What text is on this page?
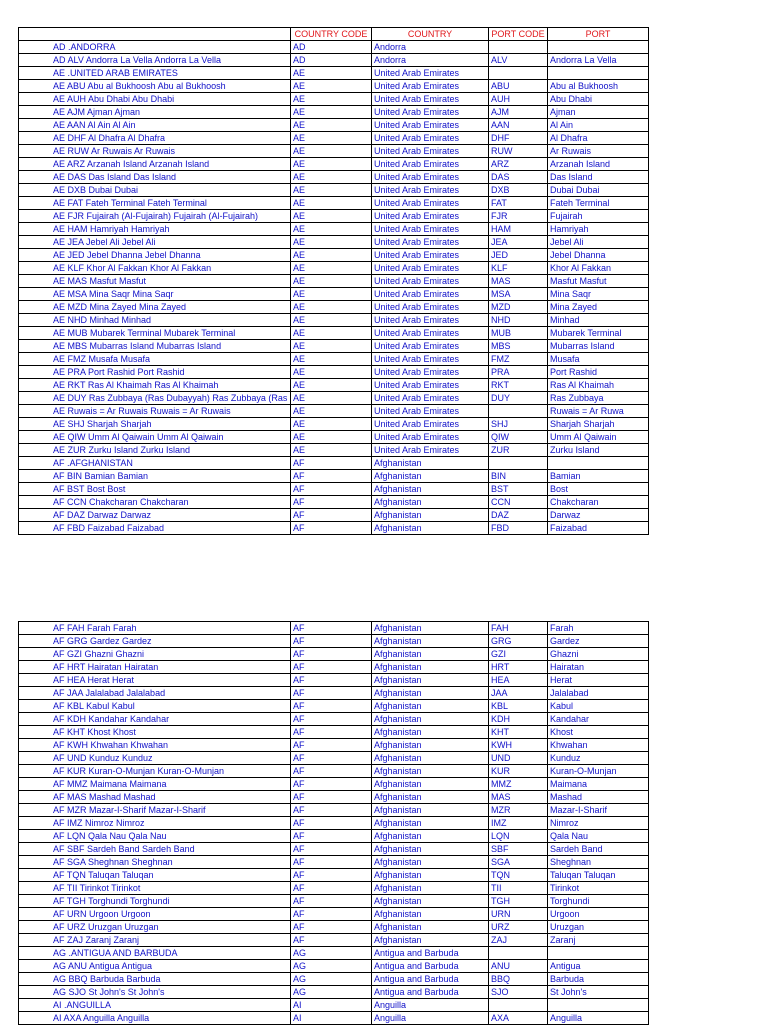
	COUNTRY CODE	COUNTRY	PORT CODE	PORT
AD .ANDORRA	AD	Andorra		
AD ALV Andorra La Vella Andorra La Vella	AD	Andorra	ALV	Andorra La Vella
AE .UNITED ARAB EMIRATES	AE	United Arab Emirates		
AE ABU Abu al Bukhoosh Abu al Bukhoosh	AE	United Arab Emirates	ABU	Abu al Bukhoosh
AE AUH Abu Dhabi Abu Dhabi	AE	United Arab Emirates	AUH	Abu Dhabi
AE AJM Ajman Ajman	AE	United Arab Emirates	AJM	Ajman
AE AAN Al Ain Al Ain	AE	United Arab Emirates	AAN	Al Ain
AE DHF Al Dhafra Al Dhafra	AE	United Arab Emirates	DHF	Al Dhafra
AE RUW Ar Ruwais Ar Ruwais	AE	United Arab Emirates	RUW	Ar Ruwais
AE ARZ Arzanah Island Arzanah Island	AE	United Arab Emirates	ARZ	Arzanah Island
AE DAS Das Island Das Island	AE	United Arab Emirates	DAS	Das Island
AE DXB Dubai Dubai	AE	United Arab Emirates	DXB	Dubai Dubai
AE FAT Fateh Terminal Fateh Terminal	AE	United Arab Emirates	FAT	Fateh Terminal
AE FJR Fujairah (Al-Fujairah) Fujairah (Al-Fujairah)	AE	United Arab Emirates	FJR	Fujairah
AE HAM Hamriyah Hamriyah	AE	United Arab Emirates	HAM	Hamriyah
AE JEA Jebel Ali Jebel Ali	AE	United Arab Emirates	JEA	Jebel Ali
AE JED Jebel Dhanna Jebel Dhanna	AE	United Arab Emirates	JED	Jebel Dhanna
AE KLF Khor Al Fakkan Khor Al Fakkan	AE	United Arab Emirates	KLF	Khor Al Fakkan
AE MAS Masfut Masfut	AE	United Arab Emirates	MAS	Masfut Masfut
AE MSA Mina Saqr Mina Saqr	AE	United Arab Emirates	MSA	Mina Saqr
AE MZD Mina Zayed Mina Zayed	AE	United Arab Emirates	MZD	Mina Zayed
AE NHD Minhad Minhad	AE	United Arab Emirates	NHD	Minhad
AE MUB Mubarek Terminal Mubarek Terminal	AE	United Arab Emirates	MUB	Mubarek Terminal
AE MBS Mubarras Island Mubarras Island	AE	United Arab Emirates	MBS	Mubarras Island
AE FMZ Musafa Musafa	AE	United Arab Emirates	FMZ	Musafa
AE PRA Port Rashid Port Rashid	AE	United Arab Emirates	PRA	Port Rashid
AE RKT Ras Al Khaimah Ras Al Khaimah	AE	United Arab Emirates	RKT	Ras Al Khaimah
AE DUY Ras Zubbaya (Ras Dubayyah) Ras Zubbaya (Ras	AE	United Arab Emirates	DUY	Ras Zubbaya
AE Ruwais = Ar Ruwais Ruwais = Ar Ruwais	AE	United Arab Emirates		Ruwais = Ar Ruwa
AE SHJ Sharjah Sharjah	AE	United Arab Emirates	SHJ	Sharjah Sharjah
AE QIW Umm Al Qaiwain Umm Al Qaiwain	AE	United Arab Emirates	QIW	Umm Al Qaiwain
AE ZUR Zurku Island Zurku Island	AE	United Arab Emirates	ZUR	Zurku Island
AF .AFGHANISTAN	AF	Afghanistan		
AF BIN Bamian Bamian	AF	Afghanistan	BIN	Bamian
AF BST Bost Bost	AF	Afghanistan	BST	Bost
AF CCN Chakcharan Chakcharan	AF	Afghanistan	CCN	Chakcharan
AF DAZ Darwaz Darwaz	AF	Afghanistan	DAZ	Darwaz
AF FBD Faizabad Faizabad	AF	Afghanistan	FBD	Faizabad
AF FAH Farah Farah	AF	Afghanistan	FAH	Farah
AF GRG Gardez Gardez	AF	Afghanistan	GRG	Gardez
AF GZI Ghazni Ghazni	AF	Afghanistan	GZI	Ghazni
AF HRT Hairatan Hairatan	AF	Afghanistan	HRT	Hairatan
AF HEA Herat Herat	AF	Afghanistan	HEA	Herat
AF JAA Jalalabad Jalalabad	AF	Afghanistan	JAA	Jalalabad
AF KBL Kabul Kabul	AF	Afghanistan	KBL	Kabul
AF KDH Kandahar Kandahar	AF	Afghanistan	KDH	Kandahar
AF KHT Khost Khost	AF	Afghanistan	KHT	Khost
AF KWH Khwahan Khwahan	AF	Afghanistan	KWH	Khwahan
AF UND Kunduz Kunduz	AF	Afghanistan	UND	Kunduz
AF KUR Kuran-O-Munjan Kuran-O-Munjan	AF	Afghanistan	KUR	Kuran-O-Munjan
AF MMZ Maimana Maimana	AF	Afghanistan	MMZ	Maimana
AF MAS Mashad Mashad	AF	Afghanistan	MAS	Mashad
AF MZR Mazar-I-Sharif Mazar-I-Sharif	AF	Afghanistan	MZR	Mazar-I-Sharif
AF IMZ Nimroz Nimroz	AF	Afghanistan	IMZ	Nimroz
AF LQN Qala Nau Qala Nau	AF	Afghanistan	LQN	Qala Nau
AF SBF Sardeh Band Sardeh Band	AF	Afghanistan	SBF	Sardeh Band
AF SGA Sheghnan Sheghnan	AF	Afghanistan	SGA	Sheghnan
AF TQN Taluqan Taluqan	AF	Afghanistan	TQN	Taluqan Taluqan
AF TII Tirinkot Tirinkot	AF	Afghanistan	TII	Tirinkot
AF TGH Torghundi Torghundi	AF	Afghanistan	TGH	Torghundi
AF URN Urgoon Urgoon	AF	Afghanistan	URN	Urgoon
AF URZ Uruzgan Uruzgan	AF	Afghanistan	URZ	Uruzgan
AF ZAJ Zaranj Zaranj	AF	Afghanistan	ZAJ	Zaranj
AG .ANTIGUA AND BARBUDA	AG	Antigua and Barbuda		
AG ANU Antigua Antigua	AG	Antigua and Barbuda	ANU	Antigua
AG BBQ Barbuda Barbuda	AG	Antigua and Barbuda	BBQ	Barbuda
AG SJO St John's St John's	AG	Antigua and Barbuda	SJO	St John's
AI .ANGUILLA	AI	Anguilla		
AI AXA Anguilla Anguilla	AI	Anguilla	AXA	Anguilla
